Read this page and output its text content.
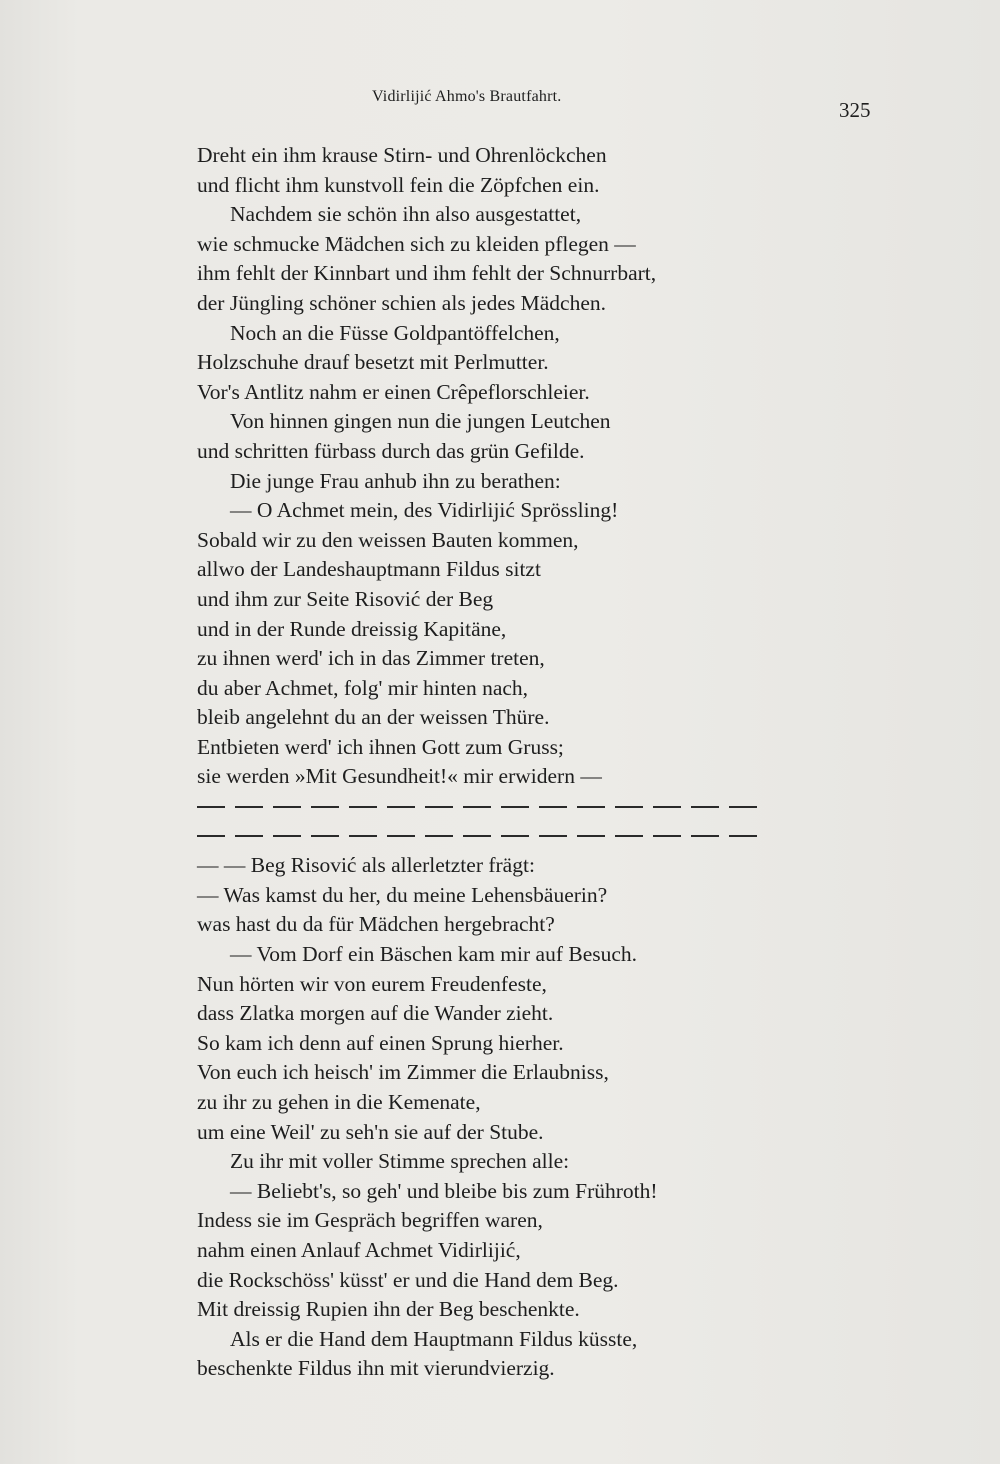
Vidirlijić Ahmo's Brautfahrt.
325
Dreht ein ihm krause Stirn- und Ohrenlöckchen
und flicht ihm kunstvoll fein die Zöpfchen ein.
Nachdem sie schön ihn also ausgestattet,
wie schmucke Mädchen sich zu kleiden pflegen —
ihm fehlt der Kinnbart und ihm fehlt der Schnurrbart,
der Jüngling schöner schien als jedes Mädchen.
Noch an die Füsse Goldpantöffelchen,
Holzschuhe drauf besetzt mit Perlmutter.
Vor's Antlitz nahm er einen Crêpeflorschleier.
Von hinnen gingen nun die jungen Leutchen
und schritten fürbass durch das grün Gefilde.
Die junge Frau anhub ihn zu berathen:
— O Achmet mein, des Vidirlijić Sprössling!
Sobald wir zu den weissen Bauten kommen,
allwo der Landeshauptmann Fildus sitzt
und ihm zur Seite Risović der Beg
und in der Runde dreissig Kapitäne,
zu ihnen werd' ich in das Zimmer treten,
du aber Achmet, folg' mir hinten nach,
bleib angelehnt du an der weissen Thüre.
Entbieten werd' ich ihnen Gott zum Gruss;
sie werden »Mit Gesundheit!« mir erwidern —
— — Beg Risović als allerletzter frägt:
— Was kamst du her, du meine Lehensbäuerin?
was hast du da für Mädchen hergebracht?
— Vom Dorf ein Bäschen kam mir auf Besuch.
Nun hörten wir von eurem Freudenfeste,
dass Zlatka morgen auf die Wander zieht.
So kam ich denn auf einen Sprung hierher.
Von euch ich heisch' im Zimmer die Erlaubniss,
zu ihr zu gehen in die Kemenate,
um eine Weil' zu seh'n sie auf der Stube.
Zu ihr mit voller Stimme sprechen alle:
— Beliebt's, so geh' und bleibe bis zum Frühroth!
Indess sie im Gespräch begriffen waren,
nahm einen Anlauf Achmet Vidirlijić,
die Rockschöss' küsst' er und die Hand dem Beg.
Mit dreissig Rupien ihn der Beg beschenkte.
Als er die Hand dem Hauptmann Fildus küsste,
beschenkte Fildus ihn mit vierundvierzig.
